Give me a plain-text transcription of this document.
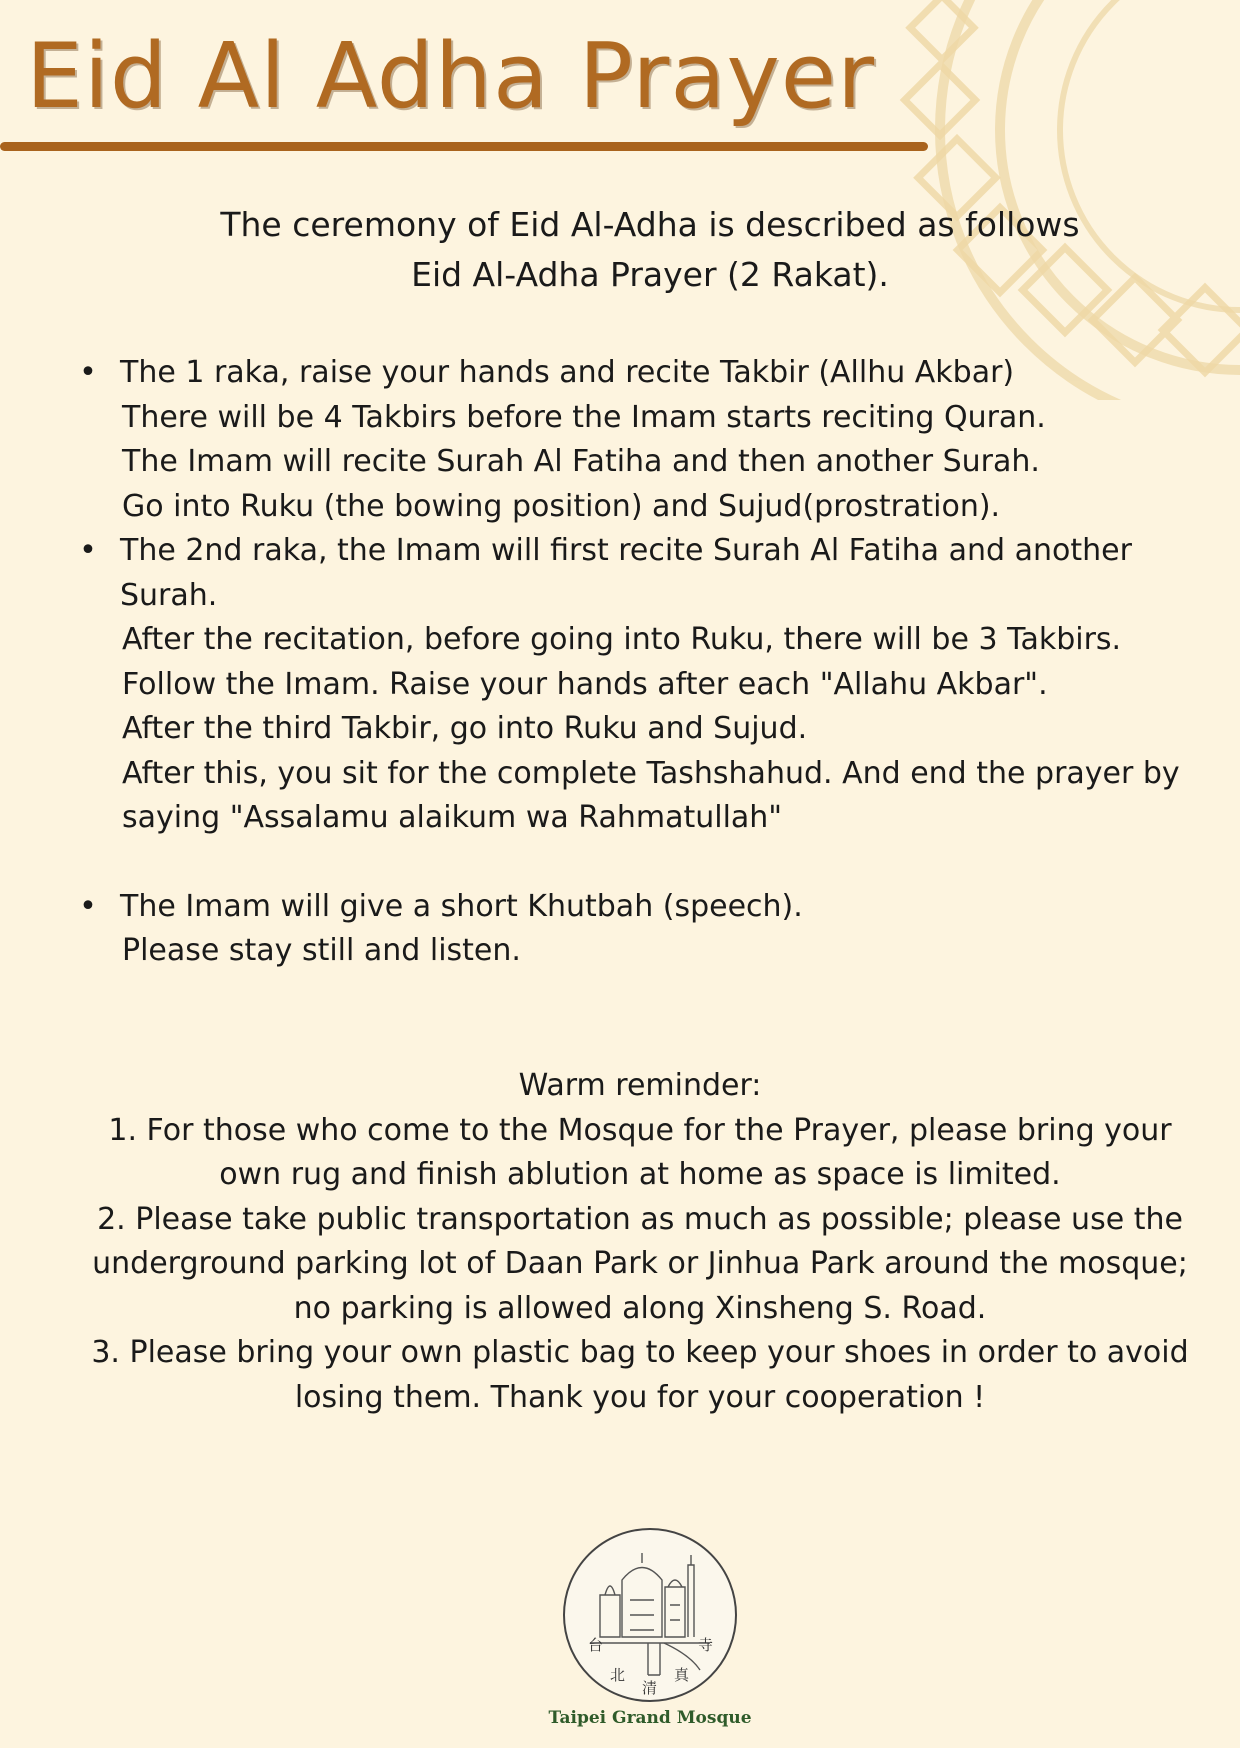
Eid Al Adha Prayer
The ceremony of Eid Al-Adha is described as follows
Eid Al-Adha Prayer (2 Rakat).
• The 1 raka, raise your hands and recite Takbir (Allhu Akbar)
There will be 4 Takbirs before the Imam starts reciting Quran.
The Imam will recite Surah Al Fatiha and then another Surah.
Go into Ruku (the bowing position) and Sujud(prostration).
• The 2nd raka, the Imam will first recite Surah Al Fatiha and another
Surah.
After the recitation, before going into Ruku, there will be 3 Takbirs.
Follow the Imam. Raise your hands after each "Allahu Akbar".
After the third Takbir, go into Ruku and Sujud.
After this, you sit for the complete Tashshahud. And end the prayer by
saying "Assalamu alaikum wa Rahmatullah"
• The Imam will give a short Khutbah (speech).
Please stay still and listen.
Warm reminder:
1. For those who come to the Mosque for the Prayer, please bring your
own rug and finish ablution at home as space is limited.
2. Please take public transportation as much as possible; please use the
underground parking lot of Daan Park or Jinhua Park around the mosque;
no parking is allowed along Xinsheng S. Road.
3. Please bring your own plastic bag to keep your shoes in order to avoid
losing them. Thank you for your cooperation !
台
北
清
真
寺
Taipei Grand Mosque
